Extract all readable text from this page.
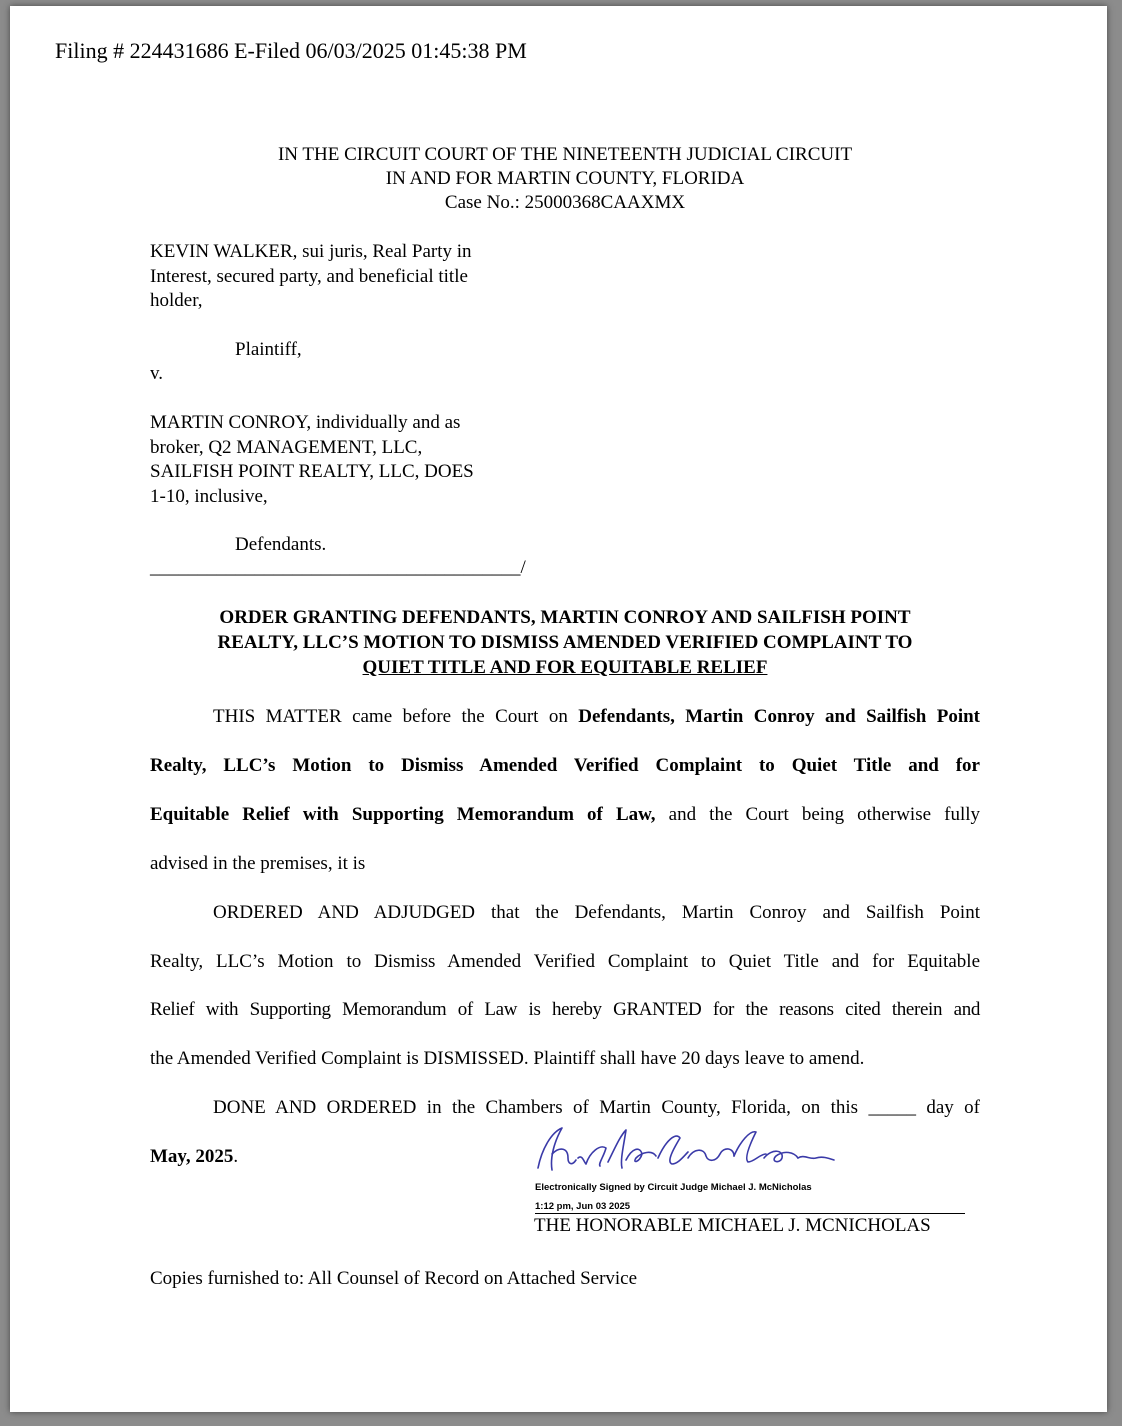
Filing # 224431686 E-Filed 06/03/2025 01:45:38 PM
IN THE CIRCUIT COURT OF THE NINETEENTH JUDICIAL CIRCUIT
IN AND FOR MARTIN COUNTY, FLORIDA
Case No.: 25000368CAAXMX
KEVIN WALKER, sui juris, Real Party in
Interest, secured party, and beneficial title
holder,
Plaintiff,
v.
MARTIN CONROY, individually and as
broker, Q2 MANAGEMENT, LLC,
SAILFISH POINT REALTY, LLC, DOES
1-10, inclusive,
Defendants.
_______________________________________/
ORDER GRANTING DEFENDANTS, MARTIN CONROY AND SAILFISH POINT
REALTY, LLC’S MOTION TO DISMISS AMENDED VERIFIED COMPLAINT TO
QUIET TITLE AND FOR EQUITABLE RELIEF
THIS MATTER came before the Court on Defendants, Martin Conroy and Sailfish Point
Realty, LLC’s Motion to Dismiss Amended Verified Complaint to Quiet Title and for
Equitable Relief with Supporting Memorandum of Law, and the Court being otherwise fully
advised in the premises, it is
ORDERED AND ADJUDGED that the Defendants, Martin Conroy and Sailfish Point
Realty, LLC’s Motion to Dismiss Amended Verified Complaint to Quiet Title and for Equitable
Relief with Supporting Memorandum of Law is hereby GRANTED for the reasons cited therein and
the Amended Verified Complaint is DISMISSED. Plaintiff shall have 20 days leave to amend.
DONE AND ORDERED in the Chambers of Martin County, Florida, on this _____ day of
May, 2025.
Electronically Signed by Circuit Judge Michael J. McNicholas
1:12 pm, Jun 03 2025
THE HONORABLE MICHAEL J. MCNICHOLAS
Copies furnished to: All Counsel of Record on Attached Service
